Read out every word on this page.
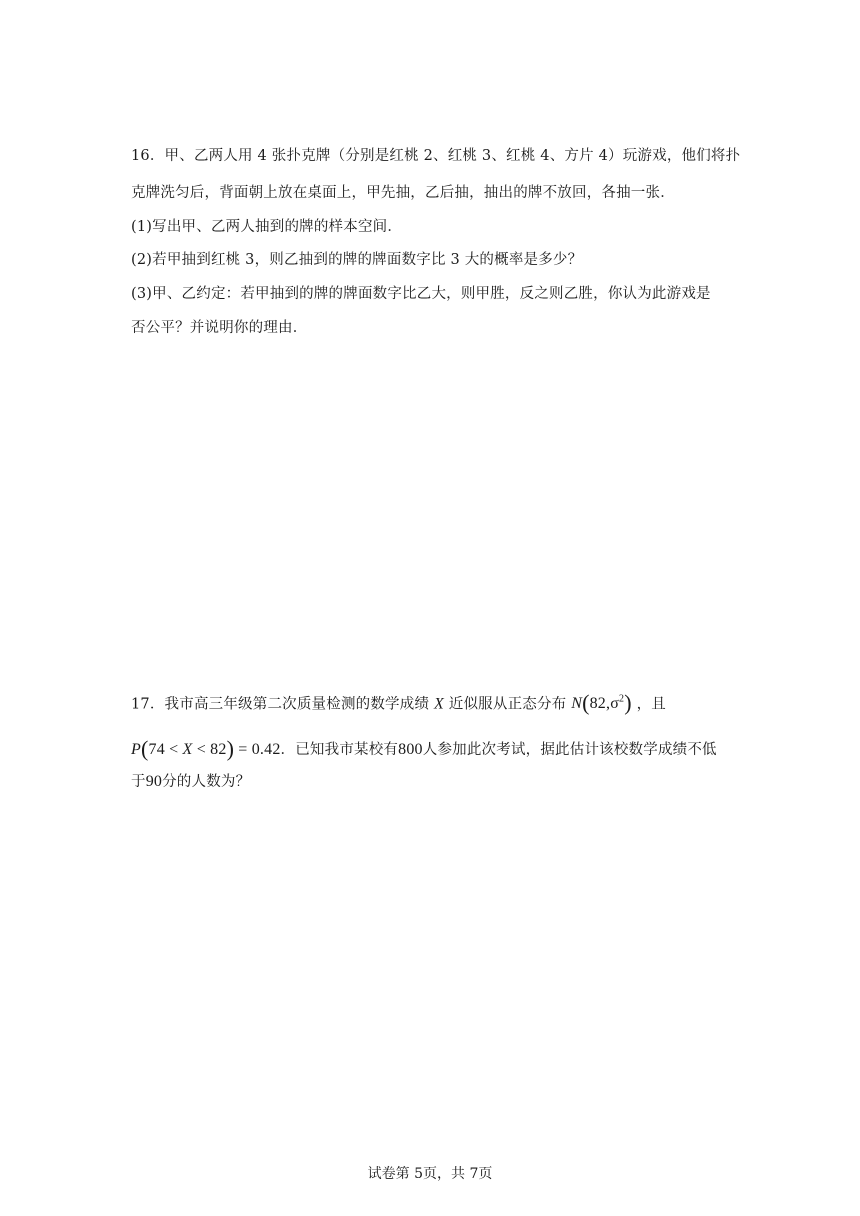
16．甲、乙两人用 4 张扑克牌（分别是红桃 2、红桃 3、红桃 4、方片 4）玩游戏，他们将扑
克牌洗匀后，背面朝上放在桌面上，甲先抽，乙后抽，抽出的牌不放回，各抽一张．
(1)写出甲、乙两人抽到的牌的样本空间．
(2)若甲抽到红桃 3，则乙抽到的牌的牌面数字比 3 大的概率是多少？
(3)甲、乙约定：若甲抽到的牌的牌面数字比乙大，则甲胜，反之则乙胜，你认为此游戏是
否公平？并说明你的理由．
17．我市高三年级第二次质量检测的数学成绩 X 近似服从正态分布 $N(82,\sigma^2)$ ，且
P(74 < X < 82) = 0.42．已知我市某校有800人参加此次考试，据此估计该校数学成绩不低
于90分的人数为？
试卷第 5页，共 7页
